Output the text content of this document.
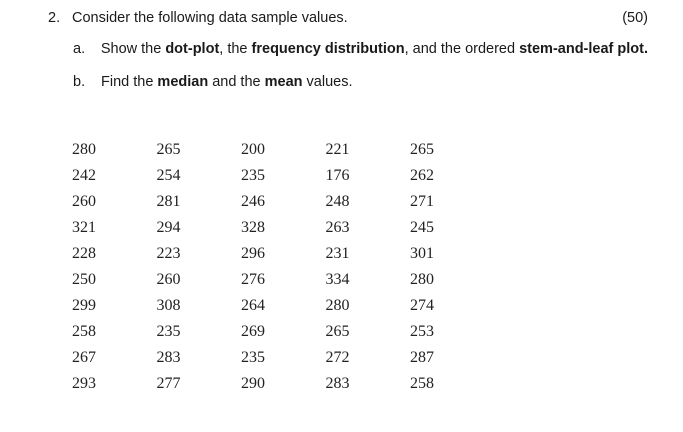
2. Consider the following data sample values.	(50)
a.	Show the dot-plot, the frequency distribution, and the ordered stem-and-leaf plot.
b.	Find the median and the mean values.
280	265	200	221	265
242	254	235	176	262
260	281	246	248	271
321	294	328	263	245
228	223	296	231	301
250	260	276	334	280
299	308	264	280	274
258	235	269	265	253
267	283	235	272	287
293	277	290	283	258
